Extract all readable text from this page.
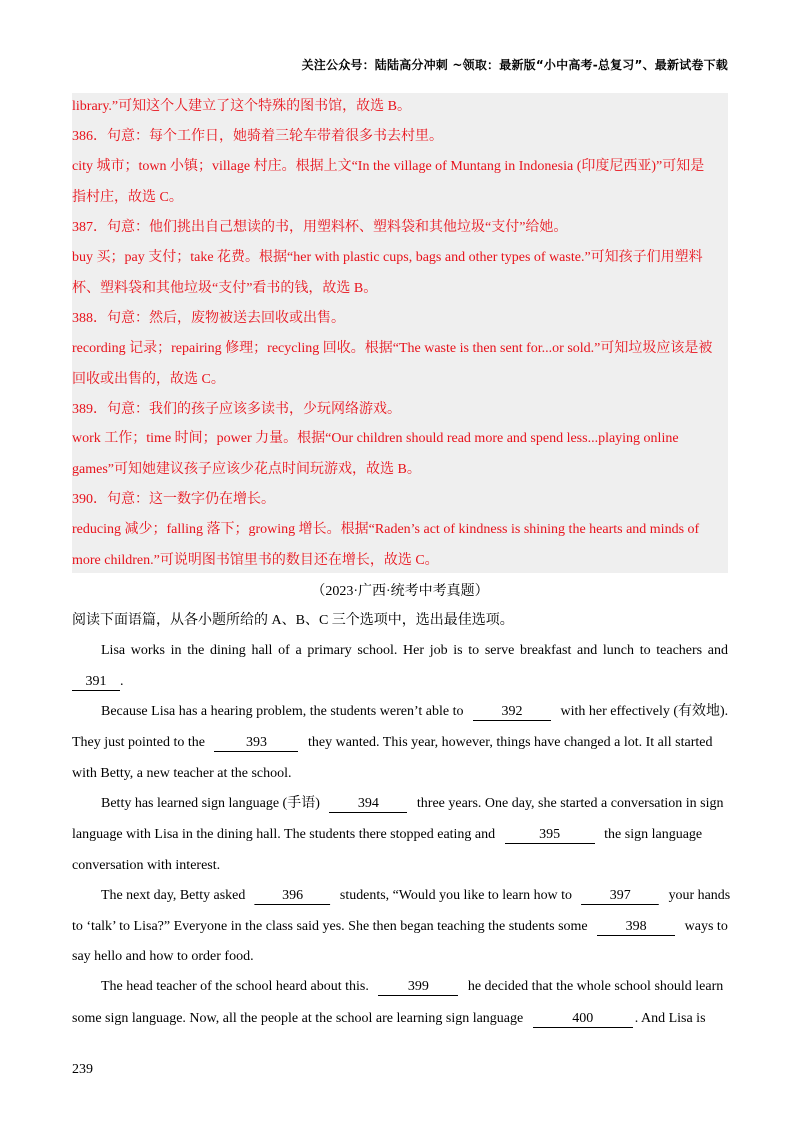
关注公众号：陆陆高分冲刺 ~领取：最新版“小中高考-总复习”、最新试卷下载
library.”可知这个人建立了这个特殊的图书馆，故选 B。
386．句意：每个工作日，她骑着三轮车带着很多书去村里。
city 城市；town 小镇；village 村庄。根据上文“In the village of Muntang in Indonesia (印度尼西亚)”可知是
指村庄，故选 C。
387．句意：他们挑出自己想读的书，用塑料杯、塑料袋和其他垃圾“支付”给她。
buy 买；pay 支付；take 花费。根据“her with plastic cups, bags and other types of waste.”可知孩子们用塑料
杯、塑料袋和其他垃圾“支付”看书的钱，故选 B。
388．句意：然后，废物被送去回收或出售。
recording 记录；repairing 修理；recycling 回收。根据“The waste is then sent for...or sold.”可知垃圾应该是被
回收或出售的，故选 C。
389．句意：我们的孩子应该多读书，少玩网络游戏。
work 工作；time 时间；power 力量。根据“Our children should read more and spend less...playing online
games”可知她建议孩子应该少花点时间玩游戏，故选 B。
390．句意：这一数字仍在增长。
reducing 减少；falling 落下；growing 增长。根据“Raden’s act of kindness is shining the hearts and minds of
more children.”可说明图书馆里书的数目还在增长，故选 C。
（2023·广西·统考中考真题）
阅读下面语篇，从各小题所给的 A、B、C 三个选项中，选出最佳选项。
Lisa works in the dining hall of a primary school. Her job is to serve breakfast and lunch to teachers and
391 .
Because Lisa has a hearing problem, the students weren’t able to	392	with her effectively (有效地).
They just pointed to the	393	they wanted. This year, however, things have changed a lot. It all started
with Betty, a new teacher at the school.
Betty has learned sign language (手语)	394	three years. One day, she started a conversation in sign
language with Lisa in the dining hall. The students there stopped eating and	395	the sign language
conversation with interest.
The next day, Betty asked	396	students, “Would you like to learn how to	397	your hands
to ‘talk’ to Lisa?” Everyone in the class said yes. She then began teaching the students some	398	ways to
say hello and how to order food.
The head teacher of the school heard about this.	399	he decided that the whole school should learn
some sign language. Now, all the people at the school are learning sign language	400	. And Lisa is
239
